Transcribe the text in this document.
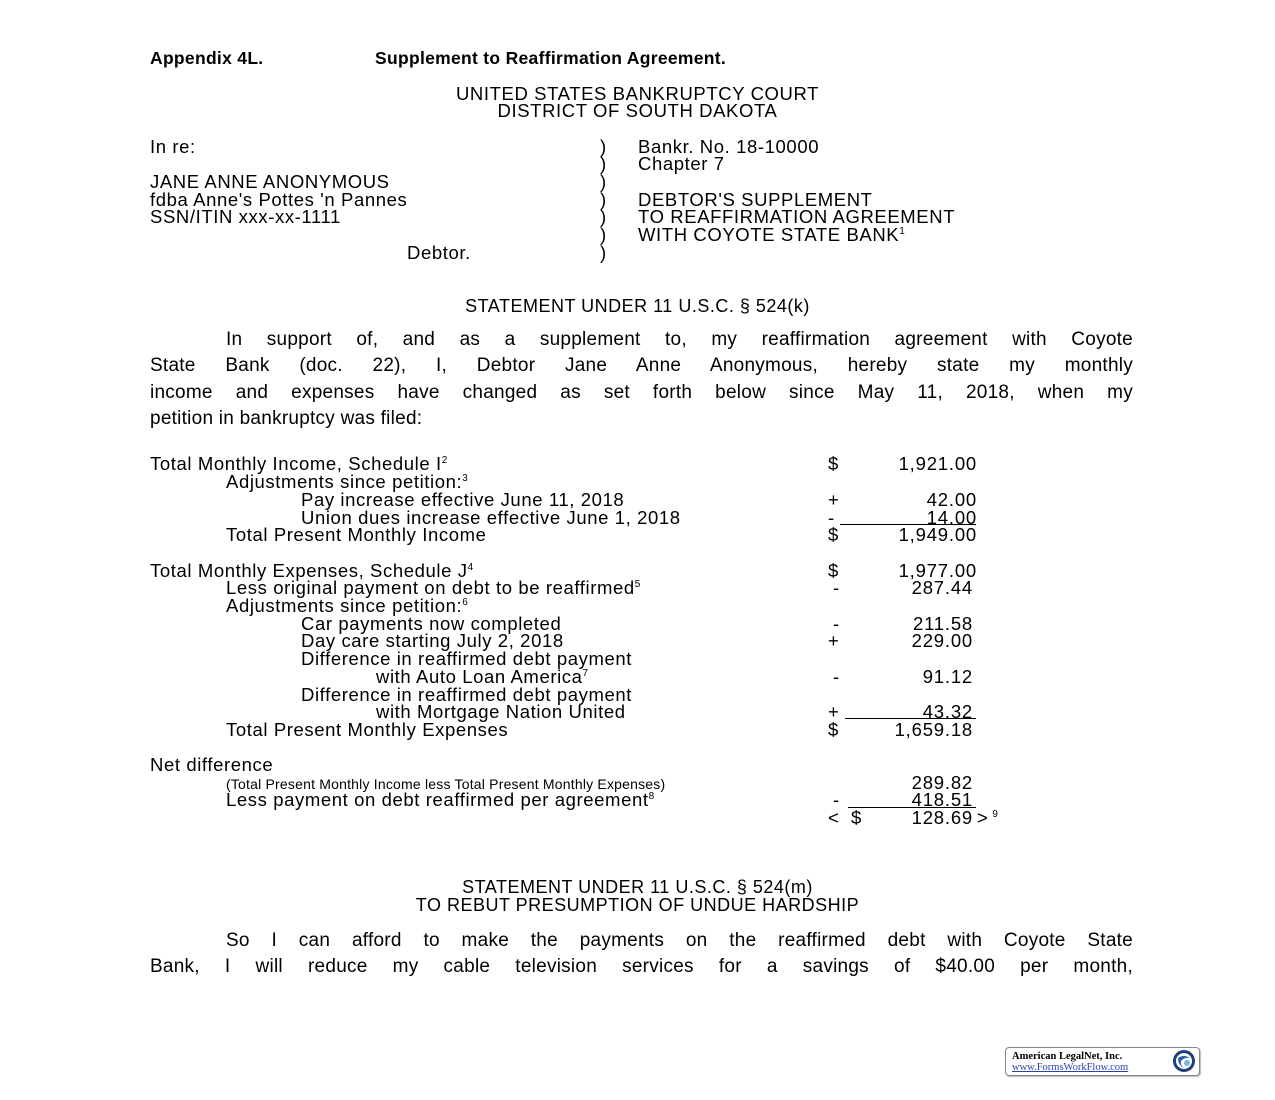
Appendix 4L.	Supplement to Reaffirmation Agreement.
UNITED STATES BANKRUPTCY COURT
DISTRICT OF SOUTH DAKOTA
In re:
JANE ANNE ANONYMOUS
fdba Anne's Pottes 'n Pannes
SSN/ITIN xxx-xx-1111
Debtor.
)
)
)
)
)
)
)
Bankr. No. 18-10000
Chapter 7
DEBTOR'S SUPPLEMENT
TO REAFFIRMATION AGREEMENT
WITH COYOTE STATE BANK$^1$
STATEMENT UNDER 11 U.S.C. § 524(k)
In support of, and as a supplement to, my reaffirmation agreement with Coyote
State Bank (doc. 22), I, Debtor Jane Anne Anonymous, hereby state my monthly
income and expenses have changed as set forth below since May 11, 2018, when my
petition in bankruptcy was filed:
Total Monthly Income, Schedule $I^2$	$	1,921.00
Adjustments since petition:$^3$
Pay increase effective June 11, 2018	+	42.00
Union dues increase effective June 1, 2018	-	14.00
Total Present Monthly Income	$	1,949.00
Total Monthly Expenses, Schedule $J^4$	$	1,977.00
Less original payment on debt to be reaffirmed$^5$	-	287.44
Adjustments since petition:$^6$
Car payments now completed	-	211.58
Day care starting July 2, 2018	+	229.00
Difference in reaffirmed debt payment
with Auto Loan America$^7$	-	91.12
Difference in reaffirmed debt payment
with Mortgage Nation United	+	43.32
Total Present Monthly Expenses	$	1,659.18
Net difference
(Total Present Monthly Income less Total Present Monthly Expenses)	289.82
Less payment on debt reaffirmed per agreement$^8$	-	418.51
< $	128.69 > $^9$
STATEMENT UNDER 11 U.S.C. § 524(m)
TO REBUT PRESUMPTION OF UNDUE HARDSHIP
So I can afford to make the payments on the reaffirmed debt with Coyote State
Bank, I will reduce my cable television services for a savings of $40.00 per month,
American LegalNet, Inc.
www.FormsWorkFlow.com
